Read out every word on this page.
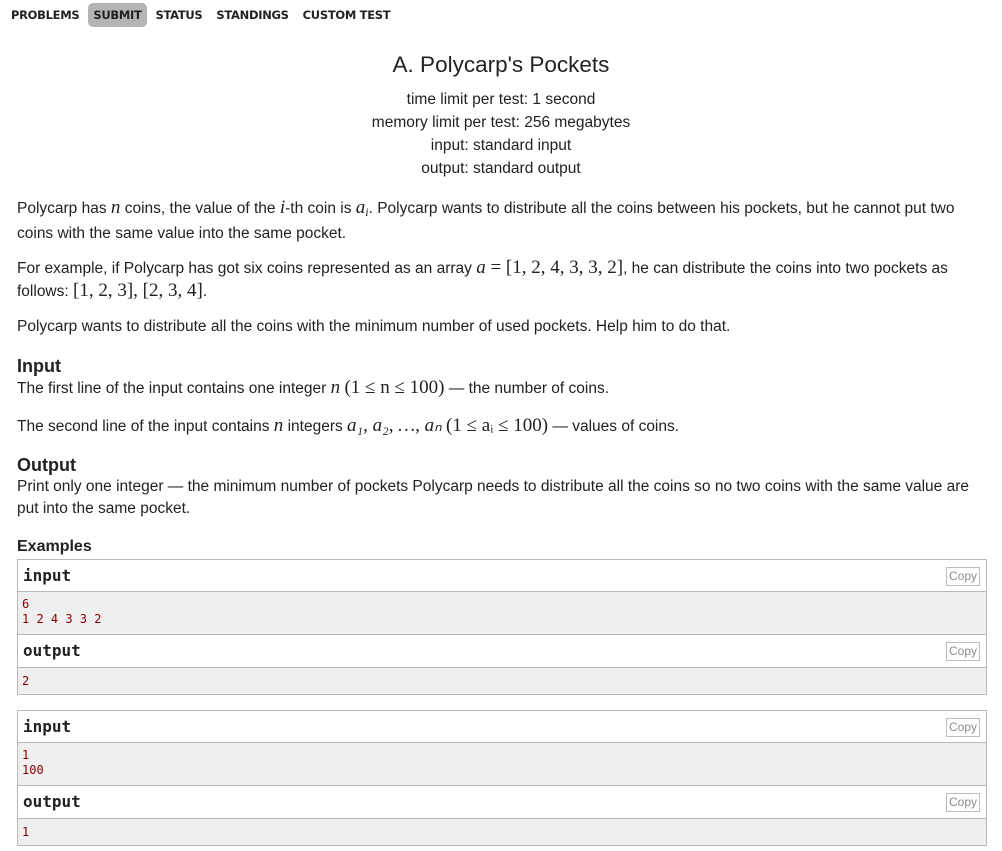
PROBLEMS	SUBMIT	STATUS	STANDINGS	CUSTOM TEST
A. Polycarp's Pockets
time limit per test: 1 second
memory limit per test: 256 megabytes
input: standard input
output: standard output

Polycarp has n coins, the value of the i-th coin is $a_i$. Polycarp wants to distribute all the coins between his pockets, but he cannot put two coins with the same value into the same pocket.

For example, if Polycarp has got six coins represented as an array a = [1, 2, 4, 3, 3, 2], he can distribute the coins into two pockets as follows: [1, 2, 3], [2, 3, 4].

Polycarp wants to distribute all the coins with the minimum number of used pockets. Help him to do that.

Input

The first line of the input contains one integer n (1 ≤ n ≤ 100) — the number of coins.

The second line of the input contains n integers a₁, a₂, …, aₙ (1 ≤ aᵢ ≤ 100) — values of coins.

Output

Print only one integer — the minimum number of pockets Polycarp needs to distribute all the coins so no two coins with the same value are put into the same pocket.

Examples
input	Copy
6
1 2 4 3 3 2
output	Copy
2
input	Copy
1
100
output	Copy
1
